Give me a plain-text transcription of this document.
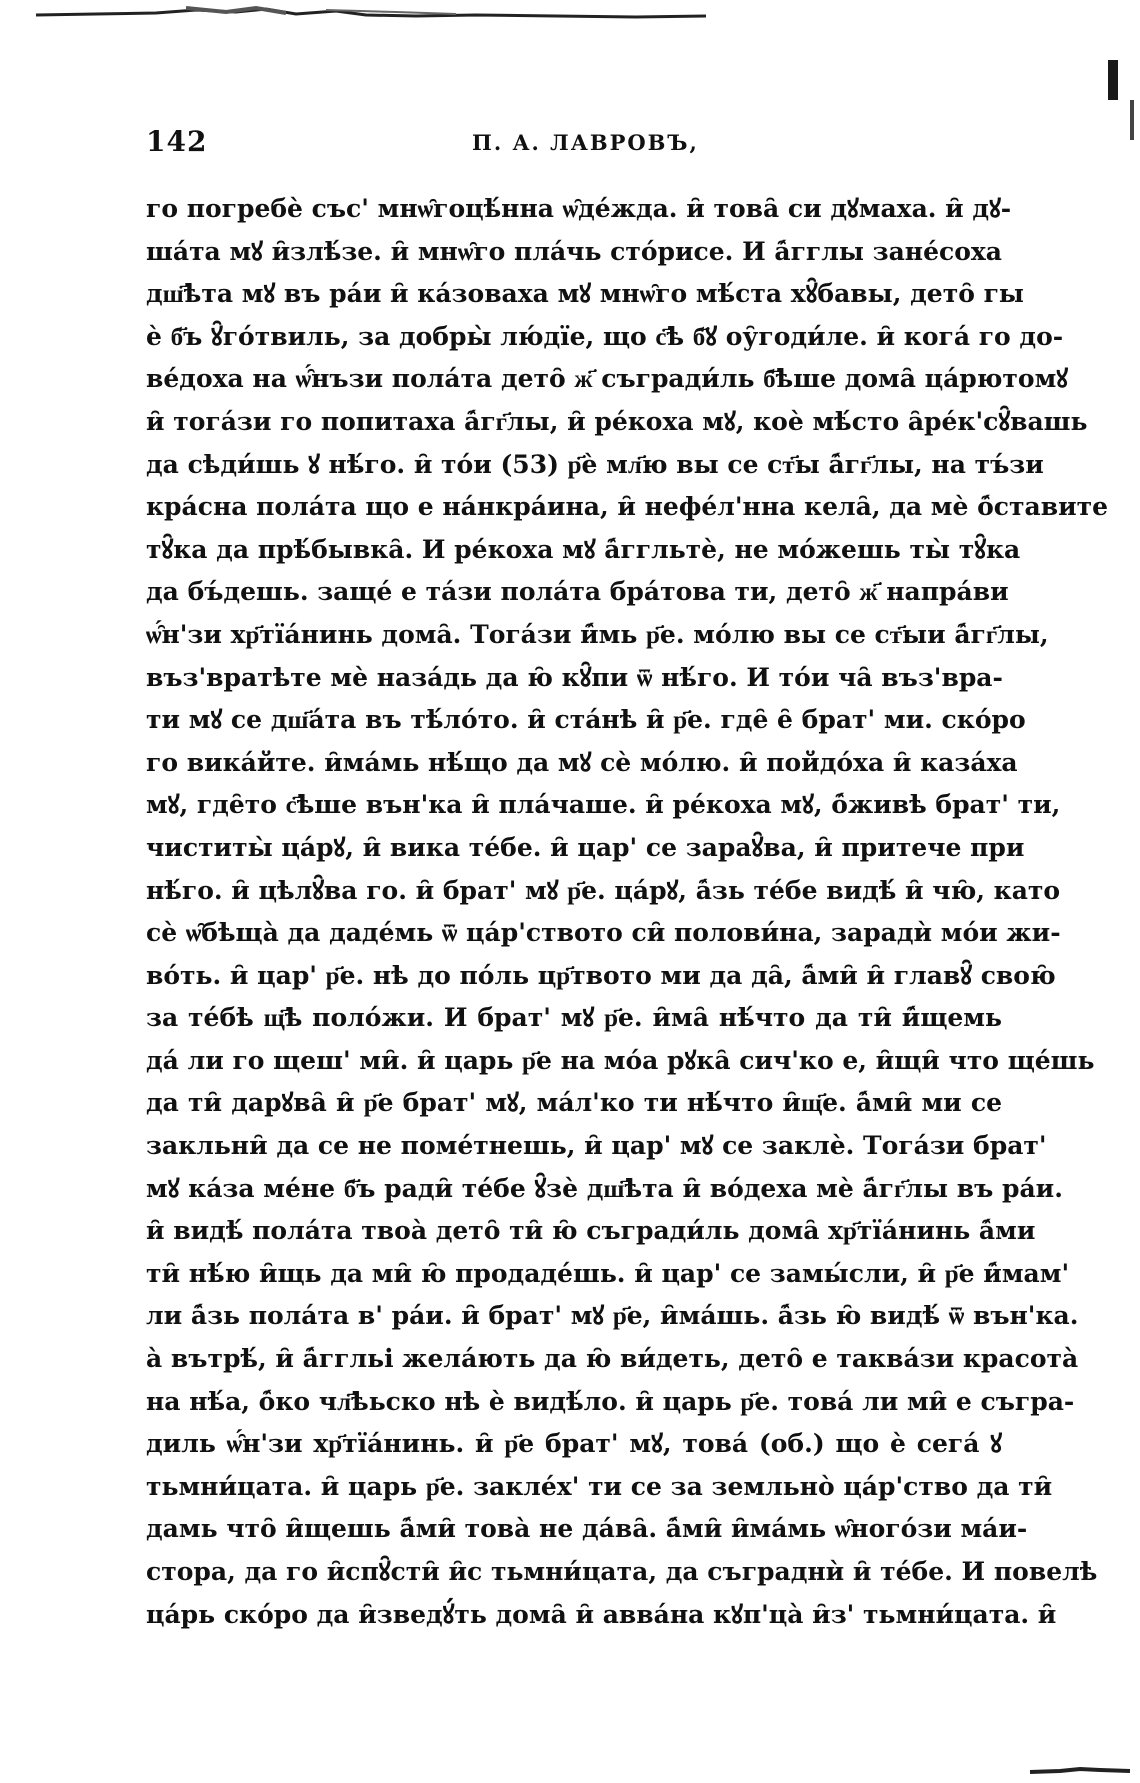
142	П. А. ЛАВРОВЪ,
го погребѐ със' мнѡ̑гоцѣ́нна ѡ̑де́жда. и̑ това̑ си дꙋмаха. и̑ дꙋ-
ша́та мꙋ и̑злѣ́зе. и̑ мнѡ̑го пла́чь сто́рисе. И а̑́гглы занéсоха
дш҃ѣта мꙋ въ ра́и и̑ ка́зоваха мꙋ мнѡ̑го мѣ́ста хꙋ̑бавы, дето̑ гы
ѐ б҃ъ ꙋ̑го́твиль, за добры̀ лю́дїе, що с҃ѣ б҃ꙋ оу̑годи́ле. и̑ когá го до-
ве́доха на ѡ̑́нъзи пола́та дето̑ ж҃ съгради́ль б҃ѣше дома̑ ца́рютомꙋ
и̑ тога́зи го попитаха а̑́гг҃лы, и̑ ре́коха мꙋ, коѐ мѣ́сто а̑ре́к'сꙋ̑вашь
да сѣди́шь ꙋ нѣ́го. и̑ то́и (53) р҃ѐ мл҃ю вы се ст҃ы а̑́гг҃лы, на тъ́зи
кра́сна пола́та що е на́нкра́ина, и̑ нефе́л'нна кела̑, да мѐ о̑́ставите
тꙋ̑ка да прѣ́бывка̑. И ре́коха мꙋ а̑́ггльтѐ, не мо́жешь ты̀ тꙋ̑ка
да бъ́дешь. заще́ е та́зи пола́та бра́това ти, дето̑ ж҃ напра́ви
ѡ̑́н'зи хр҃тїа́нинь дома̑. Тога́зи и̑́мь р҃е. мо́лю вы се ст҃ыи а̑́гг҃лы,
въз'вратѣте мѐ наза́дь да ю̑ кꙋ̑пи ѿ нѣ́го. И то́и ча̑ въз'вра-
ти мꙋ се дш҃а́та въ тѣ́ло́то. и̑ ста́нѣ и̑ р҃е. где̑ е̑ брат' ми. ско́ро
го вика́йте. и̑ма́мь нѣ́що да мꙋ сѐ мо́лю. и̑ пойдо́ха и̑ каза́ха
мꙋ, где̑то с҃ѣше вън'ка и̑ пла́чаше. и̑ ре́коха мꙋ, о̑́живѣ брат' ти,
чиститы̀ ца́рꙋ, и̑ вика те́бе. и̑ цар' се зараꙋ̑ва, и̑ притече при
нѣ́го. и̑ цѣлꙋ̑ва го. и̑ брат' мꙋ р҃е. ца́рꙋ, а̑́зь те́бе видѣ́ и̑ чю̑, като
сѐ ѡ̑бѣща̀ да даде́мь ѿ ца́р'ството си̑ полови́на, зарадѝ мо́и жи-
во́ть. и̑ цар' р҃е. нѣ до по́ль цр҃твото ми да да̑, а̑́ми̑ и̑ главꙋ̑ свою̑
за те́бѣ щ҃ѣ поло́жи. И брат' мꙋ р҃е. и̑ма̑ нѣ́что да ти̑ и̑́щемь
да́ ли го щеш' ми̑. и̑ царь р҃е на мо́а рꙋка̑ сич'ко е, и̑щи̑ что ще́шь
да ти̑ дарꙋва̑ и̑ р҃е брат' мꙋ, ма́л'ко ти нѣ́что и̑щ҃е. а̑́ми̑ ми се
закльни̑ да се не поме́тнешь, и̑ цар' мꙋ се заклѐ. Тога́зи брат'
мꙋ ка́за ме́не б҃ъ ради̑ те́бе ꙋ̑зѐ дш҃ѣта и̑ во́деха мѐ а̑́гг҃лы въ ра́и.
и̑ видѣ́ пола́та твоа̀ дето̑ ти̑ ю̑ съгради́ль дома̑ хр҃тїа́нинь а̑́ми
ти̑ нѣ́ю и̑щь да ми̑ ю̑ продаде́шь. и̑ цар' се замы́сли, и̑ р҃е и̑́мам'
ли а̑́зь пола́та в' ра́и. и̑ брат' мꙋ р҃е, и̑ма́шь. а̑́зь ю̑ видѣ́ ѿ вън'ка.
а̀ вътрѣ́, и̑ а̑́ггльі жела́ють да ю̑ ви́деть, дето̑ е таква́зи красота̀
на нѣ́а, о̑́ко чл҃ѣьско нѣ ѐ видѣ́ло. и̑ царь р҃е. това́ ли ми̑ е съгра-
диль ѡ̑́н'зи хр҃тїа́нинь. и̑ р҃е брат' мꙋ, това́ (об.) що ѐ сегá ꙋ
тьмни́цата. и̑ царь р҃е. закле́х' ти се за земльнò ца́р'ство да ти̑
дамь что̑ и̑щешь а̑́ми̑ това̀ не да́ва̑. а̑́ми̑ и̑ма́мь ѡ̑ного́зи ма́и-
стора, да го и̑спꙋ̑сти̑ и̑с тьмни́цата, да съграднѝ и̑ те́бе. И повелѣ
ца́рь ско́ро да и̑зведꙋ́ть дома̑ и̑ авва́на кꙋп'ца̀ и̑з' тьмни́цата. и̑
